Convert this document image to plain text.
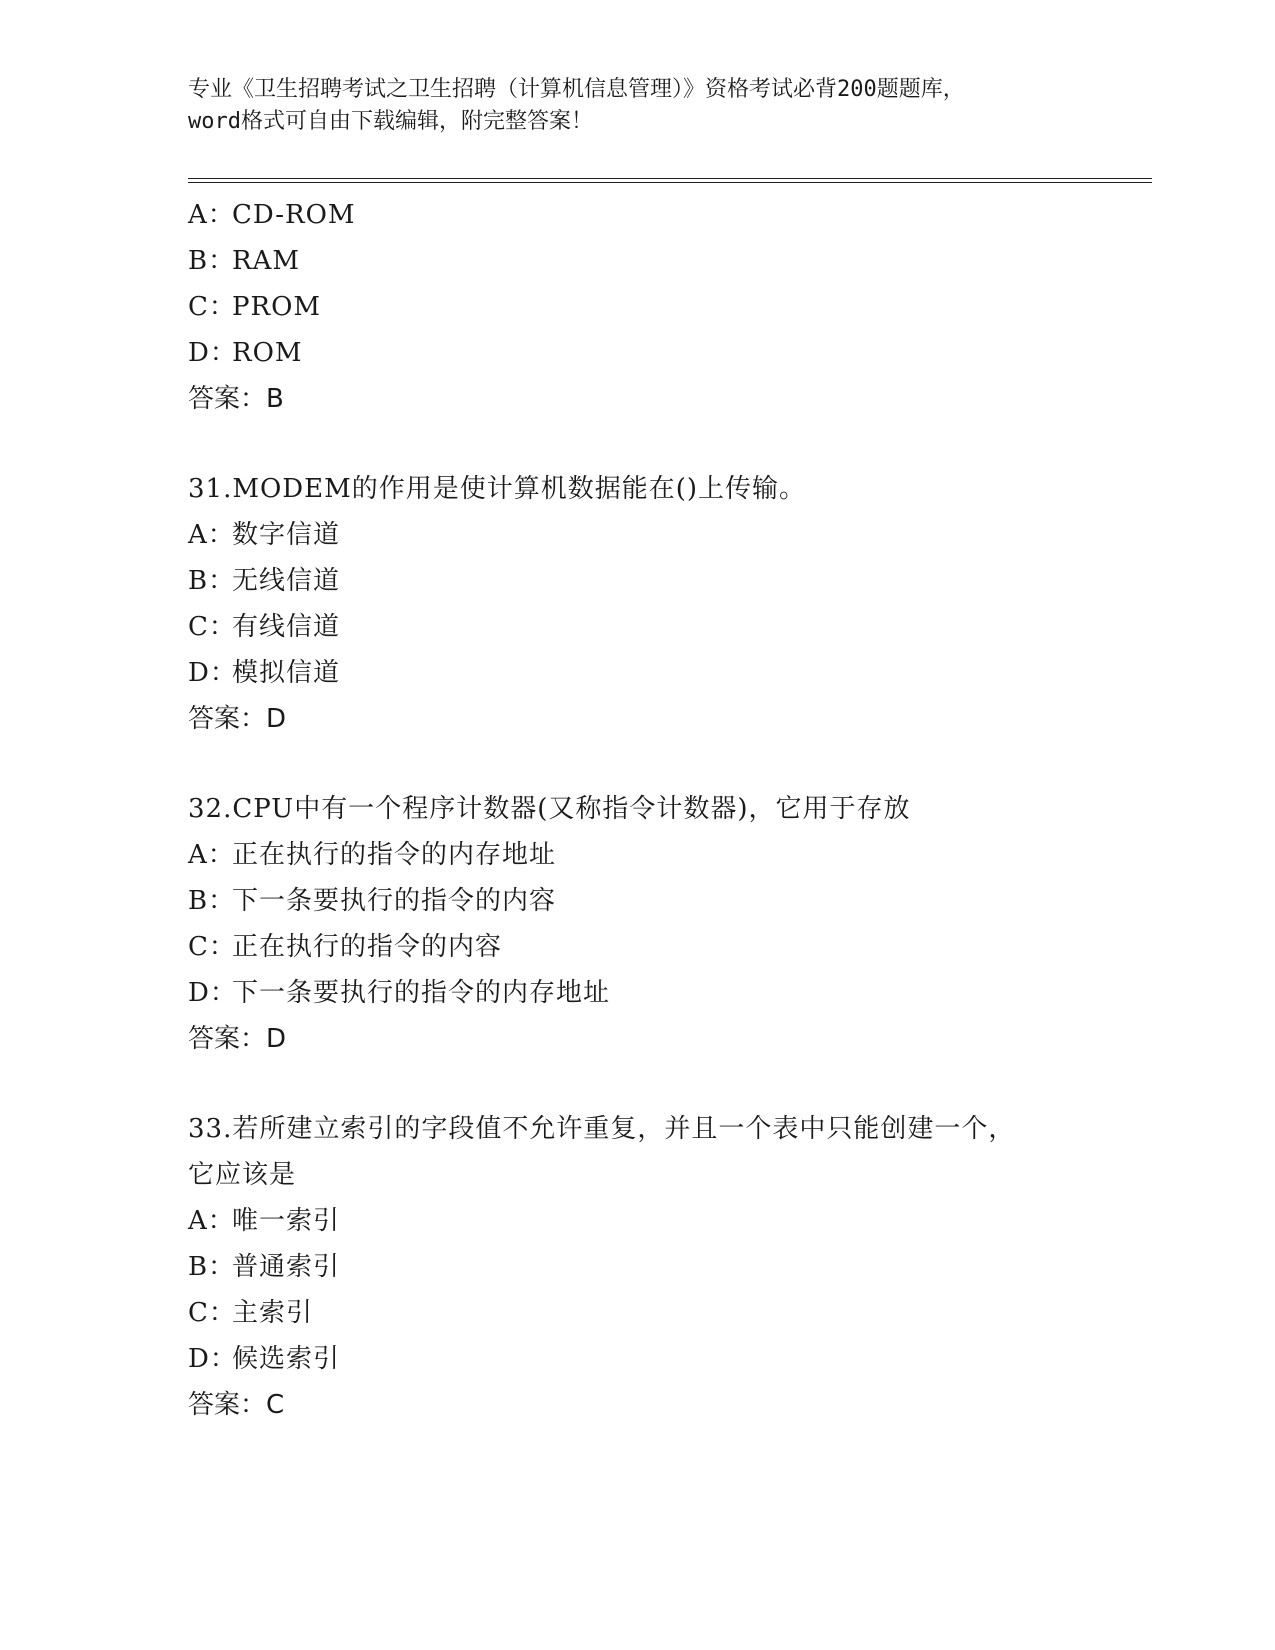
专业《卫生招聘考试之卫生招聘（计算机信息管理）》资格考试必背200题题库，
word格式可自由下载编辑，附完整答案！
A：CD-ROM
B：RAM
C：PROM
D：ROM
答案：B
31.MODEM的作用是使计算机数据能在()上传输。
A：数字信道
B：无线信道
C：有线信道
D：模拟信道
答案：D
32.CPU中有一个程序计数器(又称指令计数器)，它用于存放
A：正在执行的指令的内存地址
B：下一条要执行的指令的内容
C：正在执行的指令的内容
D：下一条要执行的指令的内存地址
答案：D
33.若所建立索引的字段值不允许重复，并且一个表中只能创建一个，
它应该是
A：唯一索引
B：普通索引
C：主索引
D：候选索引
答案：C
